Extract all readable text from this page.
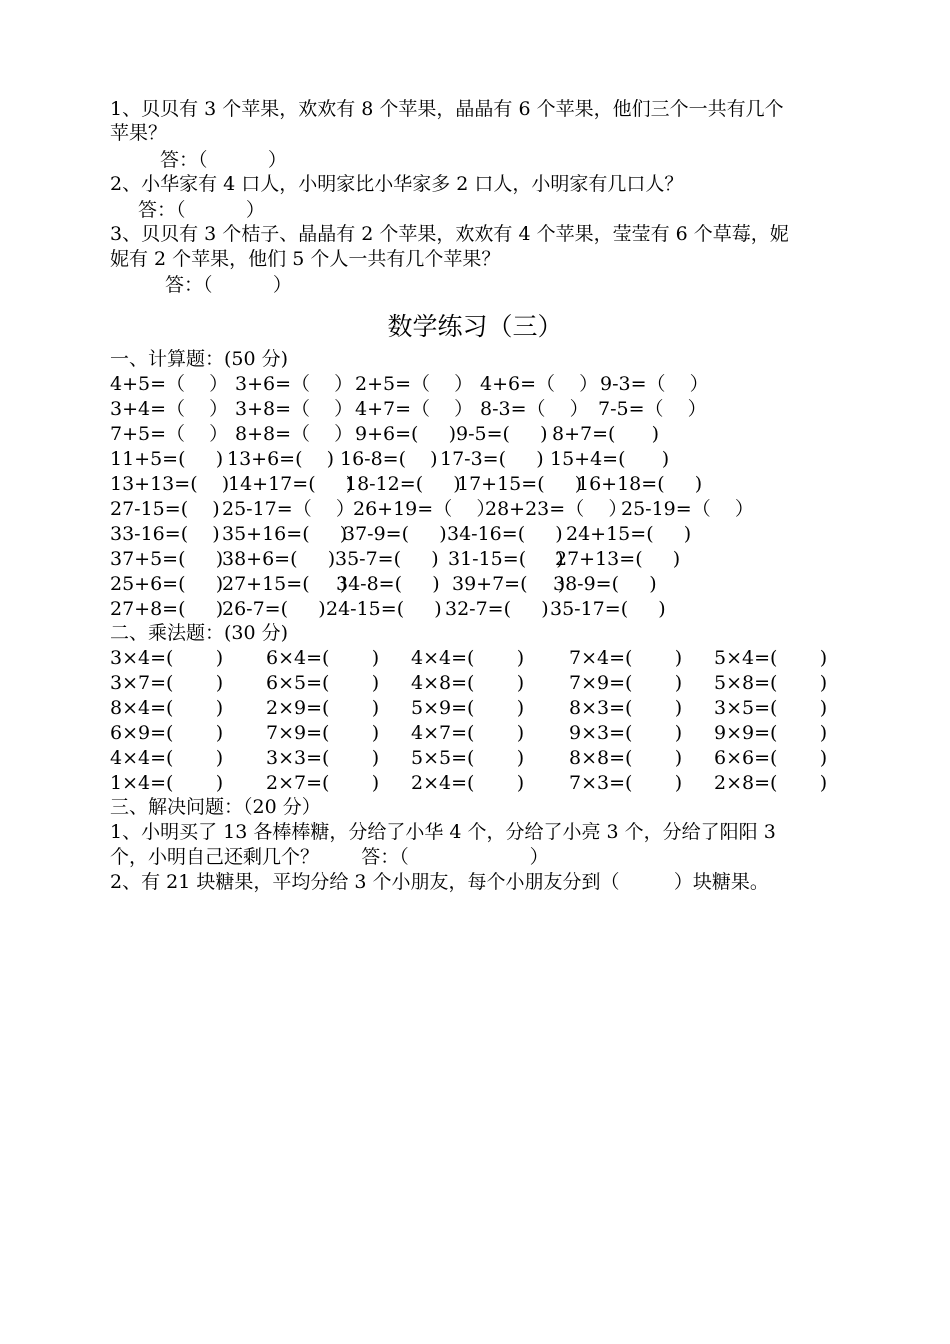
1、贝贝有 3 个苹果，欢欢有 8 个苹果，晶晶有 6 个苹果，他们三个一共有几个
苹果？
答：（          ）
2、小华家有 4 口人，小明家比小华家多 2 口人，小明家有几口人？
答：（          ）
3、贝贝有 3 个桔子、晶晶有 2 个苹果，欢欢有 4 个苹果，莹莹有 6 个草莓，妮
妮有 2 个苹果，他们 5 个人一共有几个苹果？
答：（          ）
数学练习（三）
一、计算题：(50 分)
4+5=（    ） 3+6=（    ） 2+5=（    ） 4+6=（    ） 9-3=（    ）
3+4=（    ） 3+8=（    ） 4+7=（    ） 8-3=（    ） 7-5=（    ）
7+5=（    ） 8+8=（    ） 9+6=(     ) 9-5=(     ) 8+7=(      )
11+5=(     ) 13+6=(    ) 16-8=(    ) 17-3=(     ) 15+4=(      )
13+13=(    )
14+17=(     )
18-12=(     )
17+15=(     )
16+18=(     )
27-15=(    ) 25-17=（    ）
26+19=（    ）
28+23=（    ）
25-19=（    ）
33-16=(    ) 35+16=(     )
37-9=(     ) 34-16=(     ) 24+15=(     )
37+5=(     )
38+6=(     ) 35-7=(     ) 31-15=(     )
27+13=(     )
25+6=(     )
27+15=(     )
34-8=(     ) 39+7=(     )
38-9=(     )
27+8=(     )
26-7=(     ) 24-15=(     ) 32-7=(     ) 35-17=(     )
二、乘法题：(30 分)
3×4=(       ) 6×4=(       ) 4×4=(       ) 7×4=(       ) 5×4=(       )
3×7=(       ) 6×5=(       ) 4×8=(       ) 7×9=(       ) 5×8=(       )
8×4=(       ) 2×9=(       ) 5×9=(       ) 8×3=(       ) 3×5=(       )
6×9=(       ) 7×9=(       ) 4×7=(       ) 9×3=(       ) 9×9=(       )
4×4=(       ) 3×3=(       ) 5×5=(       ) 8×8=(       ) 6×6=(       )
1×4=(       ) 2×7=(       ) 2×4=(       ) 7×3=(       ) 2×8=(       )
三、解决问题：（20 分）
1、小明买了 13 各棒棒糖，分给了小华 4 个，分给了小亮 3 个，分给了阳阳 3
个，小明自己还剩几个？       答：（                    ）
2、有 21 块糖果，平均分给 3 个小朋友，每个小朋友分到（         ）块糖果。
